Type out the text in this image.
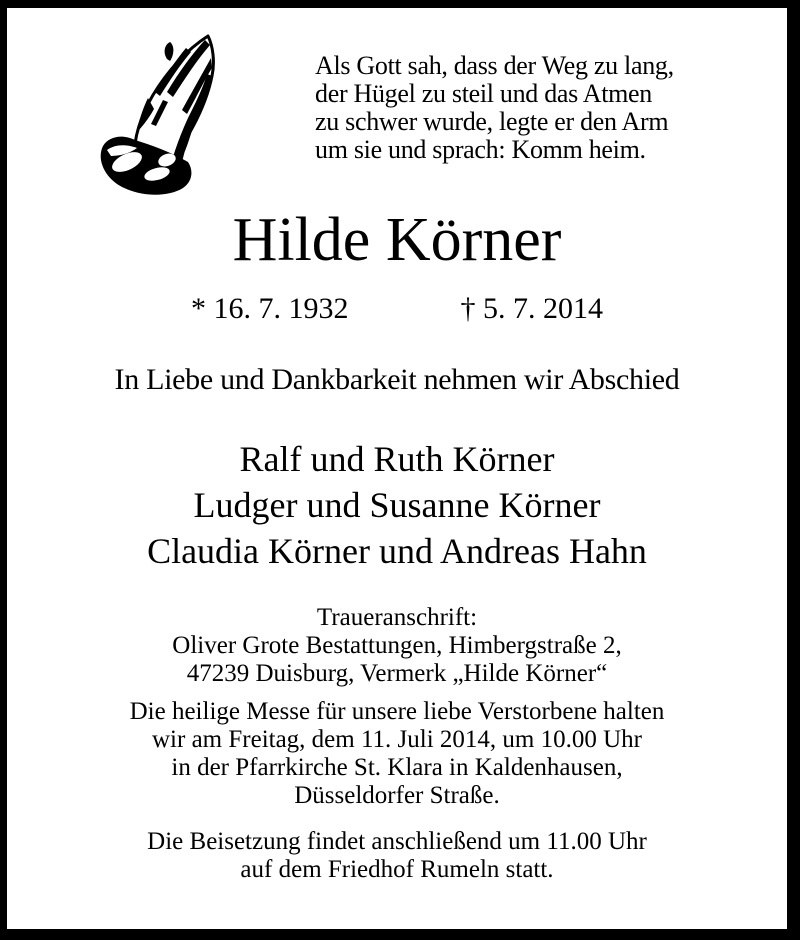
Als Gott sah, dass der Weg zu lang,
der Hügel zu steil und das Atmen
zu schwer wurde, legte er den Arm
um sie und sprach: Komm heim.
Hilde Körner
* 16. 7. 1932	† 5. 7. 2014
In Liebe und Dankbarkeit nehmen wir Abschied
Ralf und Ruth Körner
Ludger und Susanne Körner
Claudia Körner und Andreas Hahn
Traueranschrift:
Oliver Grote Bestattungen, Himbergstraße 2,
47239 Duisburg, Vermerk „Hilde Körner“
Die heilige Messe für unsere liebe Verstorbene halten
wir am Freitag, dem 11. Juli 2014, um 10.00 Uhr
in der Pfarrkirche St. Klara in Kaldenhausen,
Düsseldorfer Straße.
Die Beisetzung findet anschließend um 11.00 Uhr
auf dem Friedhof Rumeln statt.
